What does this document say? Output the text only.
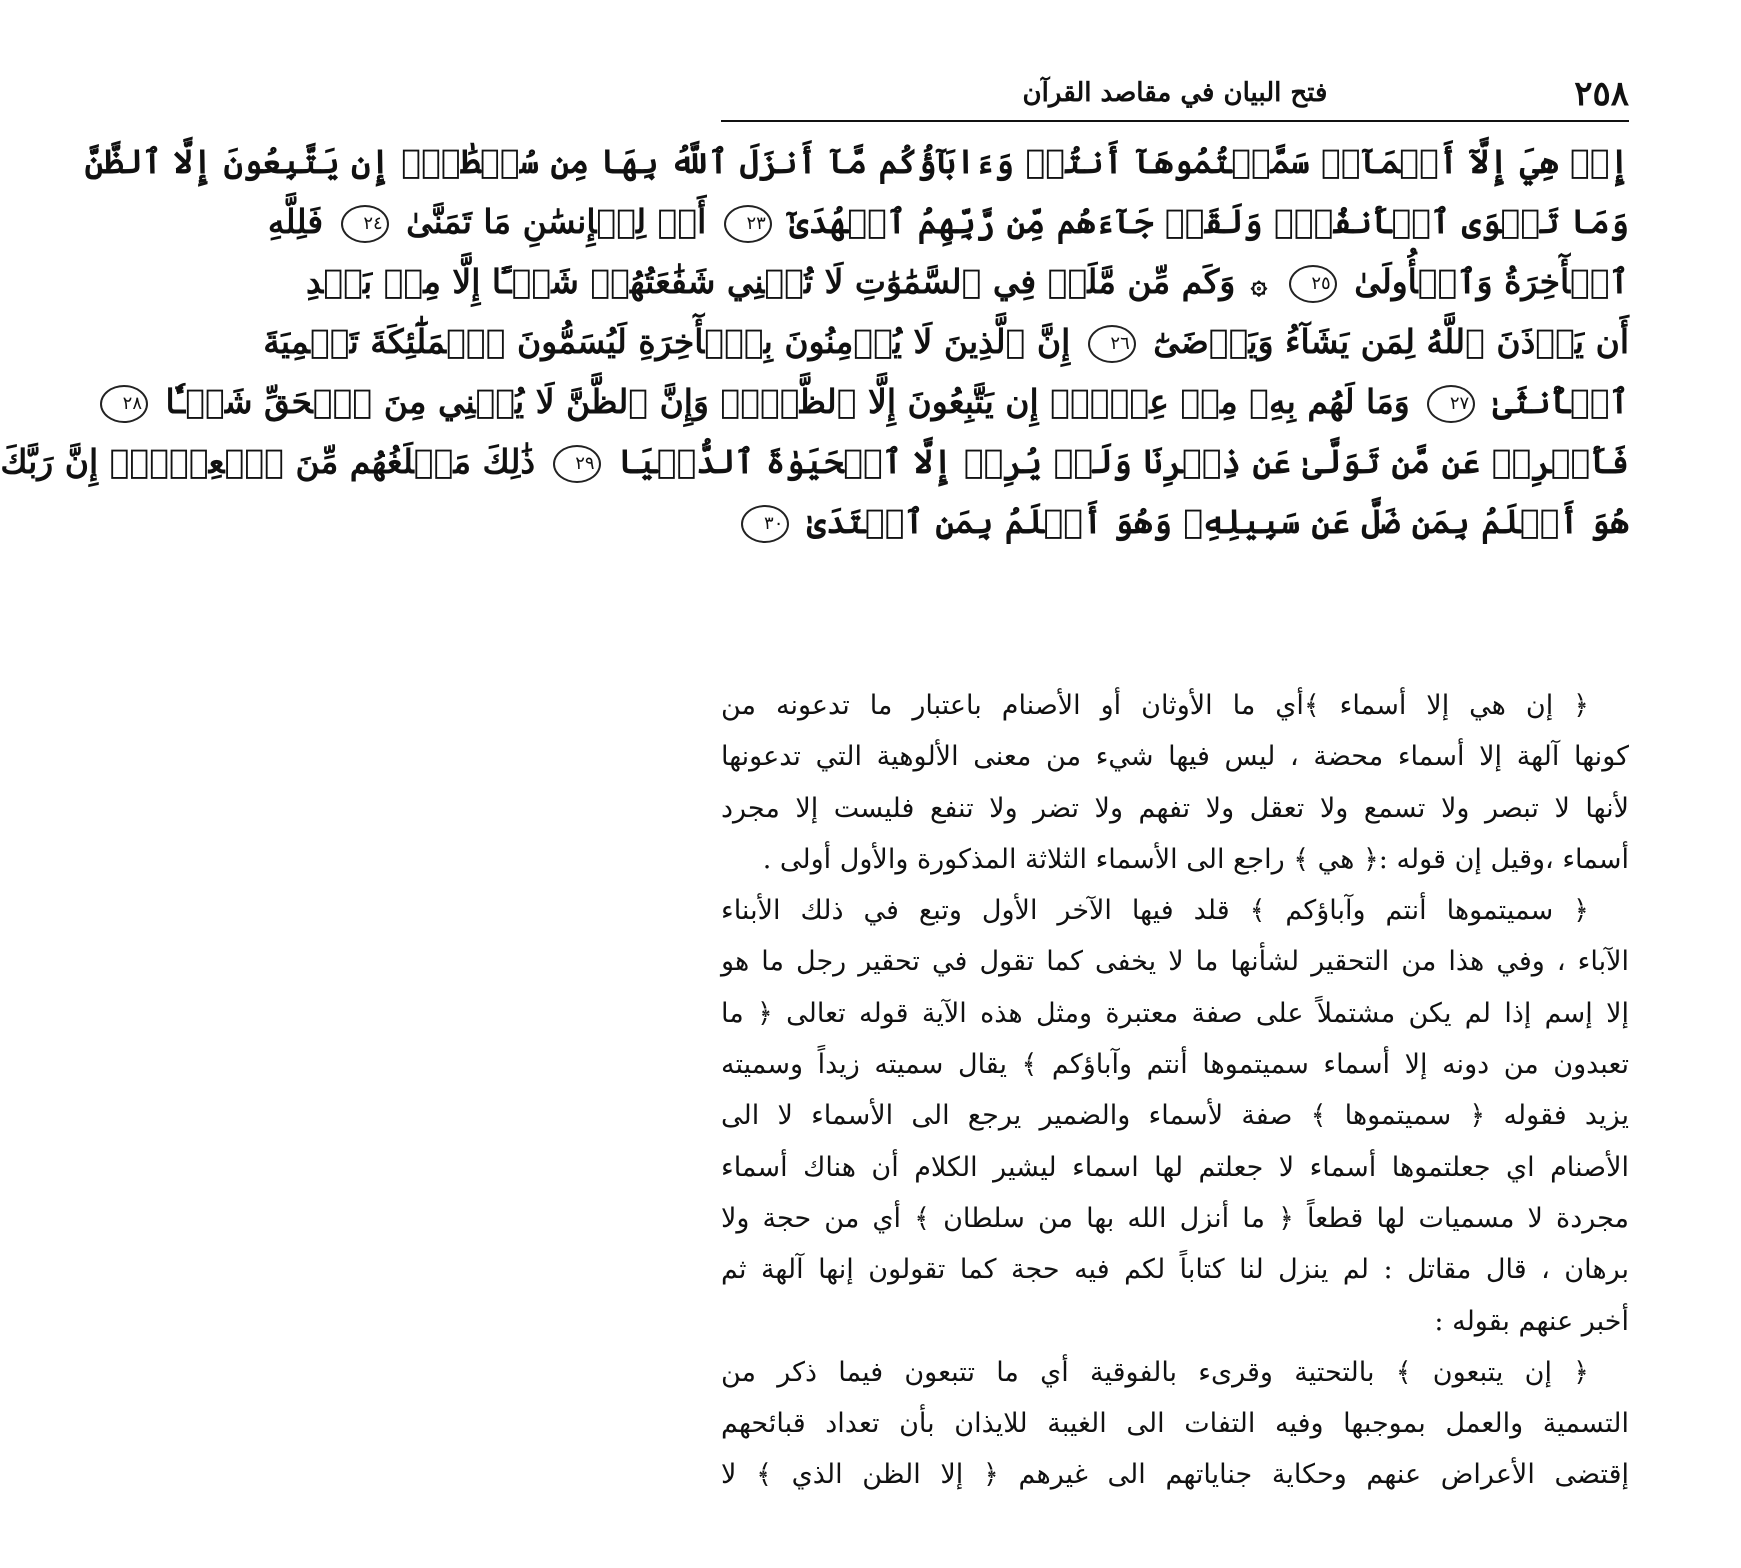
٢٥٨
فتح البيان في مقاصد القرآن
إِنۡ هِيَ إِلَّآ أَسۡمَآءٞ سَمَّيۡتُمُوهَآ أَنتُمۡ وَءَابَآؤُكُم مَّآ أَنزَلَ ٱللَّهُ بِهَا مِن سُلۡطَٰنٍۚ إِن يَتَّبِعُونَ إِلَّا ٱلظَّنَّ
وَمَا تَهۡوَى ٱلۡأَنفُسُۖ وَلَقَدۡ جَآءَهُم مِّن رَّبِّهِمُ ٱلۡهُدَىٰٓ ٢٣ أَمۡ لِلۡإِنسَٰنِ مَا تَمَنَّىٰ ٢٤ فَلِلَّهِ
ٱلۡأٓخِرَةُ وَٱلۡأُولَىٰ ٢٥ ۞ وَكَم مِّن مَّلَكٖ فِي ٱلسَّمَٰوَٰتِ لَا تُغۡنِي شَفَٰعَتُهُمۡ شَيۡـًٔا إِلَّا مِنۢ بَعۡدِ
أَن يَأۡذَنَ ٱللَّهُ لِمَن يَشَآءُ وَيَرۡضَىٰٓ ٢٦ إِنَّ ٱلَّذِينَ لَا يُؤۡمِنُونَ بِٱلۡأٓخِرَةِ لَيُسَمُّونَ ٱلۡمَلَٰٓئِكَةَ تَسۡمِيَةَ
ٱلۡأُنثَىٰ ٢٧ وَمَا لَهُم بِهِۦ مِنۡ عِلۡمٍۖ إِن يَتَّبِعُونَ إِلَّا ٱلظَّنَّۖ وَإِنَّ ٱلظَّنَّ لَا يُغۡنِي مِنَ ٱلۡحَقِّ شَيۡـٔٗا ٢٨
فَأَعۡرِضۡ عَن مَّن تَوَلَّىٰ عَن ذِكۡرِنَا وَلَمۡ يُرِدۡ إِلَّا ٱلۡحَيَوٰةَ ٱلدُّنۡيَا ٢٩ ذَٰلِكَ مَبۡلَغُهُم مِّنَ ٱلۡعِلۡمِۚ إِنَّ رَبَّكَ
هُوَ أَعۡلَمُ بِمَن ضَلَّ عَن سَبِيلِهِۦ وَهُوَ أَعۡلَمُ بِمَنِ ٱهۡتَدَىٰ ٣٠
﴿ إن هي إلا أسماء ﴾أي ما الأوثان أو الأصنام باعتبار ما تدعونه من
كونها آلهة إلا أسماء محضة ، ليس فيها شيء من معنى الألوهية التي تدعونها
لأنها لا تبصر ولا تسمع ولا تعقل ولا تفهم ولا تضر ولا تنفع فليست إلا مجرد
أسماء ،وقيل إن قوله :﴿ هي ﴾ راجع الى الأسماء الثلاثة المذكورة والأول أولى .
﴿ سميتموها أنتم وآباؤكم ﴾ قلد فيها الآخر الأول وتبع في ذلك الأبناء
الآباء ، وفي هذا من التحقير لشأنها ما لا يخفى كما تقول في تحقير رجل ما هو
إلا إسم إذا لم يكن مشتملاً على صفة معتبرة ومثل هذه الآية قوله تعالى ﴿ ما
تعبدون من دونه إلا أسماء سميتموها أنتم وآباؤكم ﴾ يقال سميته زيداً وسميته
يزيد فقوله ﴿ سميتموها ﴾ صفة لأسماء والضمير يرجع الى الأسماء لا الى
الأصنام اي جعلتموها أسماء لا جعلتم لها اسماء ليشير الكلام أن هناك أسماء
مجردة لا مسميات لها قطعاً ﴿ ما أنزل الله بها من سلطان ﴾ أي من حجة ولا
برهان ، قال مقاتل : لم ينزل لنا كتاباً لكم فيه حجة كما تقولون إنها آلهة ثم
أخبر عنهم بقوله :
﴿ إن يتبعون ﴾ بالتحتية وقرىء بالفوقية أي ما تتبعون فيما ذكر من
التسمية والعمل بموجبها وفيه التفات الى الغيبة للايذان بأن تعداد قبائحهم
إقتضى الأعراض عنهم وحكاية جناياتهم الى غيرهم ﴿ إلا الظن الذي ﴾ لا
